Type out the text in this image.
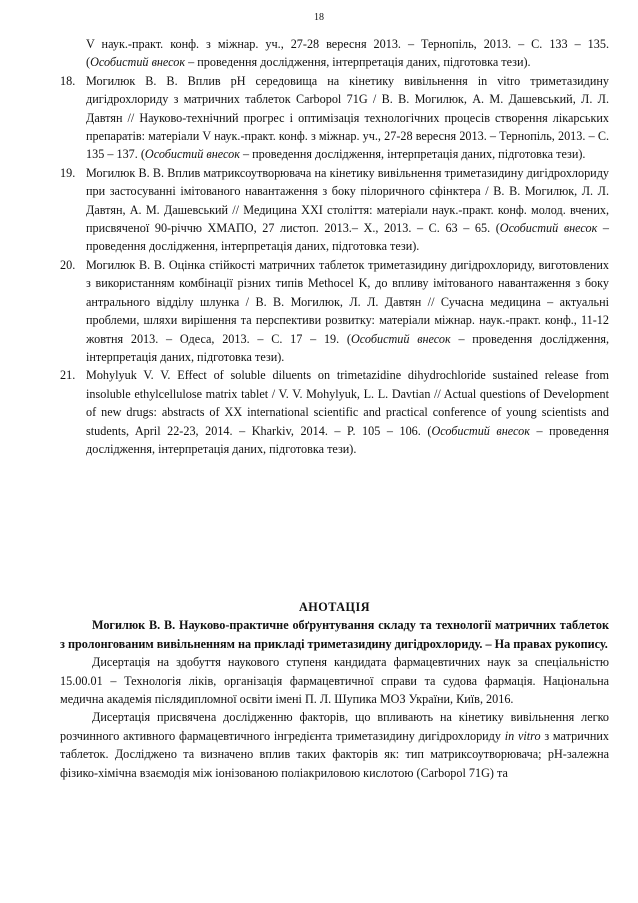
18
V наук.-практ. конф. з міжнар. уч., 27-28 вересня 2013. – Тернопіль, 2013. – С. 133 – 135. (Особистий внесок – проведення дослідження, інтерпретація даних, підготовка тези).
18. Могилюк В. В. Вплив рН середовища на кінетику вивільнення in vitro триметазидину дигідрохлориду з матричних таблеток Carbopol 71G / В. В. Могилюк, А. М. Дашевський, Л. Л. Давтян // Науково-технічний прогрес і оптимізація технологічних процесів створення лікарських препаратів: матеріали V наук.-практ. конф. з міжнар. уч., 27-28 вересня 2013. – Тернопіль, 2013. – С. 135 – 137. (Особистий внесок – проведення дослідження, інтерпретація даних, підготовка тези).
19. Могилюк В. В. Вплив матриксоутворювача на кінетику вивільнення триметазидину дигідрохлориду при застосуванні імітованого навантаження з боку пілоричного сфінктера / В. В. Могилюк, Л. Л. Давтян, А. М. Дашевський // Медицина XXI століття: матеріали наук.-практ. конф. молод. вчених, присвяченої 90-річчю ХМАПО, 27 листоп. 2013.– Х., 2013. – С. 63 – 65. (Особистий внесок – проведення дослідження, інтерпретація даних, підготовка тези).
20. Могилюк В. В. Оцінка стійкості матричних таблеток триметазидину дигідрохлориду, виготовлених з використанням комбінації різних типів Methocel K, до впливу імітованого навантаження з боку антрального відділу шлунка / В. В. Могилюк, Л. Л. Давтян // Сучасна медицина – актуальні проблеми, шляхи вирішення та перспективи розвитку: матеріали міжнар. наук.-практ. конф., 11-12 жовтня 2013. – Одеса, 2013. – С. 17 – 19. (Особистий внесок – проведення дослідження, інтерпретація даних, підготовка тези).
21. Mohylyuk V. V. Effect of soluble diluents on trimetazidine dihydrochloride sustained release from insoluble ethylcellulose matrix tablet / V. V. Mohylyuk, L. L. Davtian // Actual questions of Development of new drugs: abstracts of XX international scientific and practical conference of young scientists and students, April 22-23, 2014. – Kharkiv, 2014. – P. 105 – 106. (Особистий внесок – проведення дослідження, інтерпретація даних, підготовка тези).
АНОТАЦІЯ

Могилюк В. В. Науково-практичне обґрунтування складу та технології матричних таблеток з пролонгованим вивільненням на прикладі триметазидину дигідрохлориду. – На правах рукопису.

Дисертація на здобуття наукового ступеня кандидата фармацевтичних наук за спеціальністю 15.00.01 – Технологія ліків, організація фармацевтичної справи та судова фармація. Національна медична академія післядипломної освіти імені П. Л. Шупика МОЗ України, Київ, 2016.

Дисертація присвячена дослідженню факторів, що впливають на кінетику вивільнення легко розчинного активного фармацевтичного інгредієнта триметазидину дигідрохлориду in vitro з матричних таблеток. Досліджено та визначено вплив таких факторів як: тип матриксоутворювача; рН-залежна фізико-хімічна взаємодія між іонізованою поліакриловою кислотою (Carbopol 71G) та
